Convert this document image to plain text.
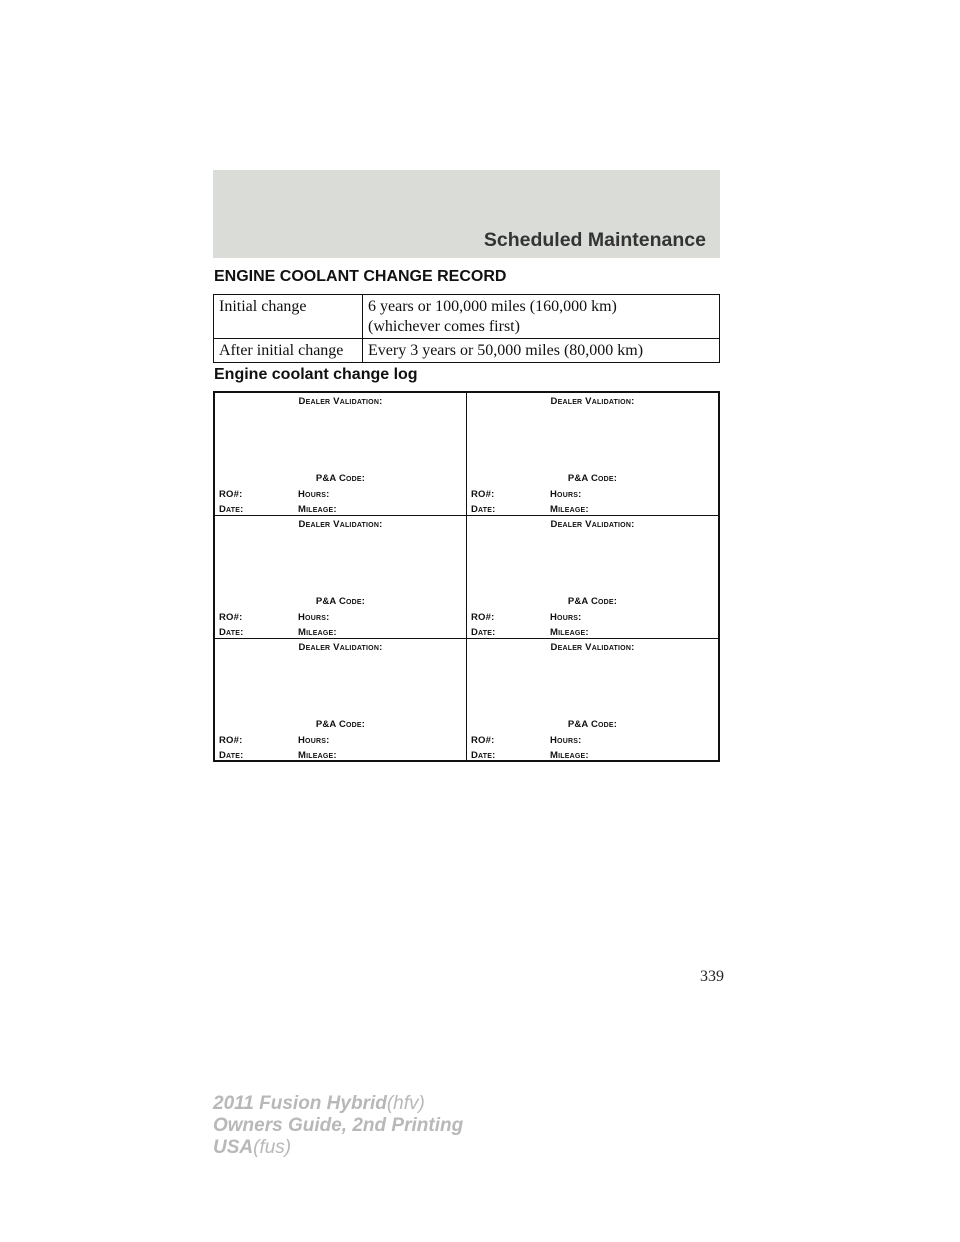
Scheduled Maintenance
ENGINE COOLANT CHANGE RECORD
Initial change	6 years or 100,000 miles (160,000 km)
(whichever comes first)

After initial change	Every 3 years or 50,000 miles (80,000 km)
Engine coolant change log
Dealer Validation:
P&A Code:
RO#:	Hours:
Date:	Mileage:
Dealer Validation:
P&A Code:
RO#:	Hours:
Date:	Mileage:
Dealer Validation:
P&A Code:
RO#:	Hours:
Date:	Mileage:
Dealer Validation:
P&A Code:
RO#:	Hours:
Date:	Mileage:
Dealer Validation:
P&A Code:
RO#:	Hours:
Date:	Mileage:
Dealer Validation:
P&A Code:
RO#:	Hours:
Date:	Mileage:
339
2011 Fusion Hybrid(hfv)
Owners Guide, 2nd Printing
USA(fus)
